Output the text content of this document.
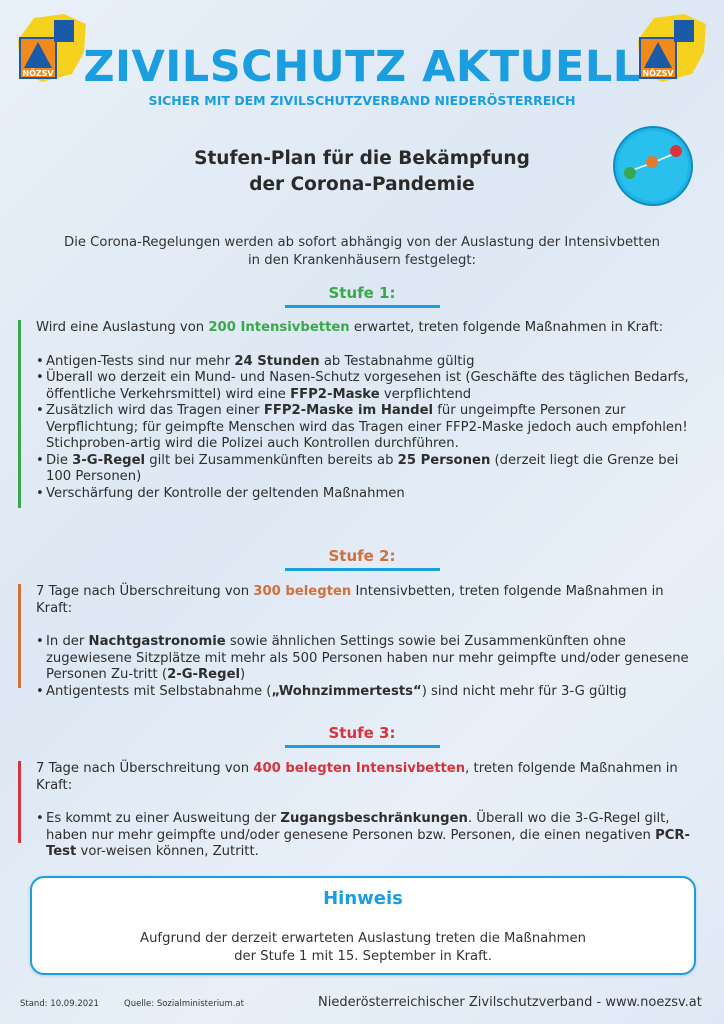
NÖZSV	NÖZSV
ZIVILSCHUTZ AKTUELL
SICHER MIT DEM ZIVILSCHUTZVERBAND NIEDERÖSTERREICH
Stufen-Plan für die Bekämpfung
der Corona-Pandemie
Die Corona-Regelungen werden ab sofort abhängig von der Auslastung der Intensivbetten
in den Krankenhäusern festgelegt:
Stufe 1:

Wird eine Auslastung von 200 Intensivbetten erwartet, treten folgende Maßnahmen in Kraft:

• Antigen-Tests sind nur mehr 24 Stunden ab Testabnahme gültig
• Überall wo derzeit ein Mund- und Nasen-Schutz vorgesehen ist (Geschäfte des täglichen Bedarfs, öffentliche Verkehrsmittel) wird eine FFP2-Maske verpflichtend
• Zusätzlich wird das Tragen einer FFP2-Maske im Handel für ungeimpfte Personen zur Verpflichtung; für geimpfte Menschen wird das Tragen einer FFP2-Maske jedoch auch empfohlen! Stichproben-artig wird die Polizei auch Kontrollen durchführen.
• Die 3-G-Regel gilt bei Zusammenkünften bereits ab 25 Personen (derzeit liegt die Grenze bei 100 Personen)
• Verschärfung der Kontrolle der geltenden Maßnahmen
Stufe 2:

7 Tage nach Überschreitung von 300 belegten Intensivbetten, treten folgende Maßnahmen in Kraft:

• In der Nachtgastronomie sowie ähnlichen Settings sowie bei Zusammenkünften ohne zugewiesene Sitzplätze mit mehr als 500 Personen haben nur mehr geimpfte und/oder genesene Personen Zu-tritt (2-G-Regel)
• Antigentests mit Selbstabnahme („Wohnzimmertests“) sind nicht mehr für 3-G gültig
Stufe 3:

7 Tage nach Überschreitung von 400 belegten Intensivbetten, treten folgende Maßnahmen in Kraft:

• Es kommt zu einer Ausweitung der Zugangsbeschränkungen. Überall wo die 3-G-Regel gilt, haben nur mehr geimpfte und/oder genesene Personen bzw. Personen, die einen negativen PCR-Test vor-weisen können, Zutritt.
Hinweis
Aufgrund der derzeit erwarteten Auslastung treten die Maßnahmen
der Stufe 1 mit 15. September in Kraft.
Stand: 10.09.2021	Quelle: Sozialministerium.at	Niederösterreichischer Zivilschutzverband - www.noezsv.at
